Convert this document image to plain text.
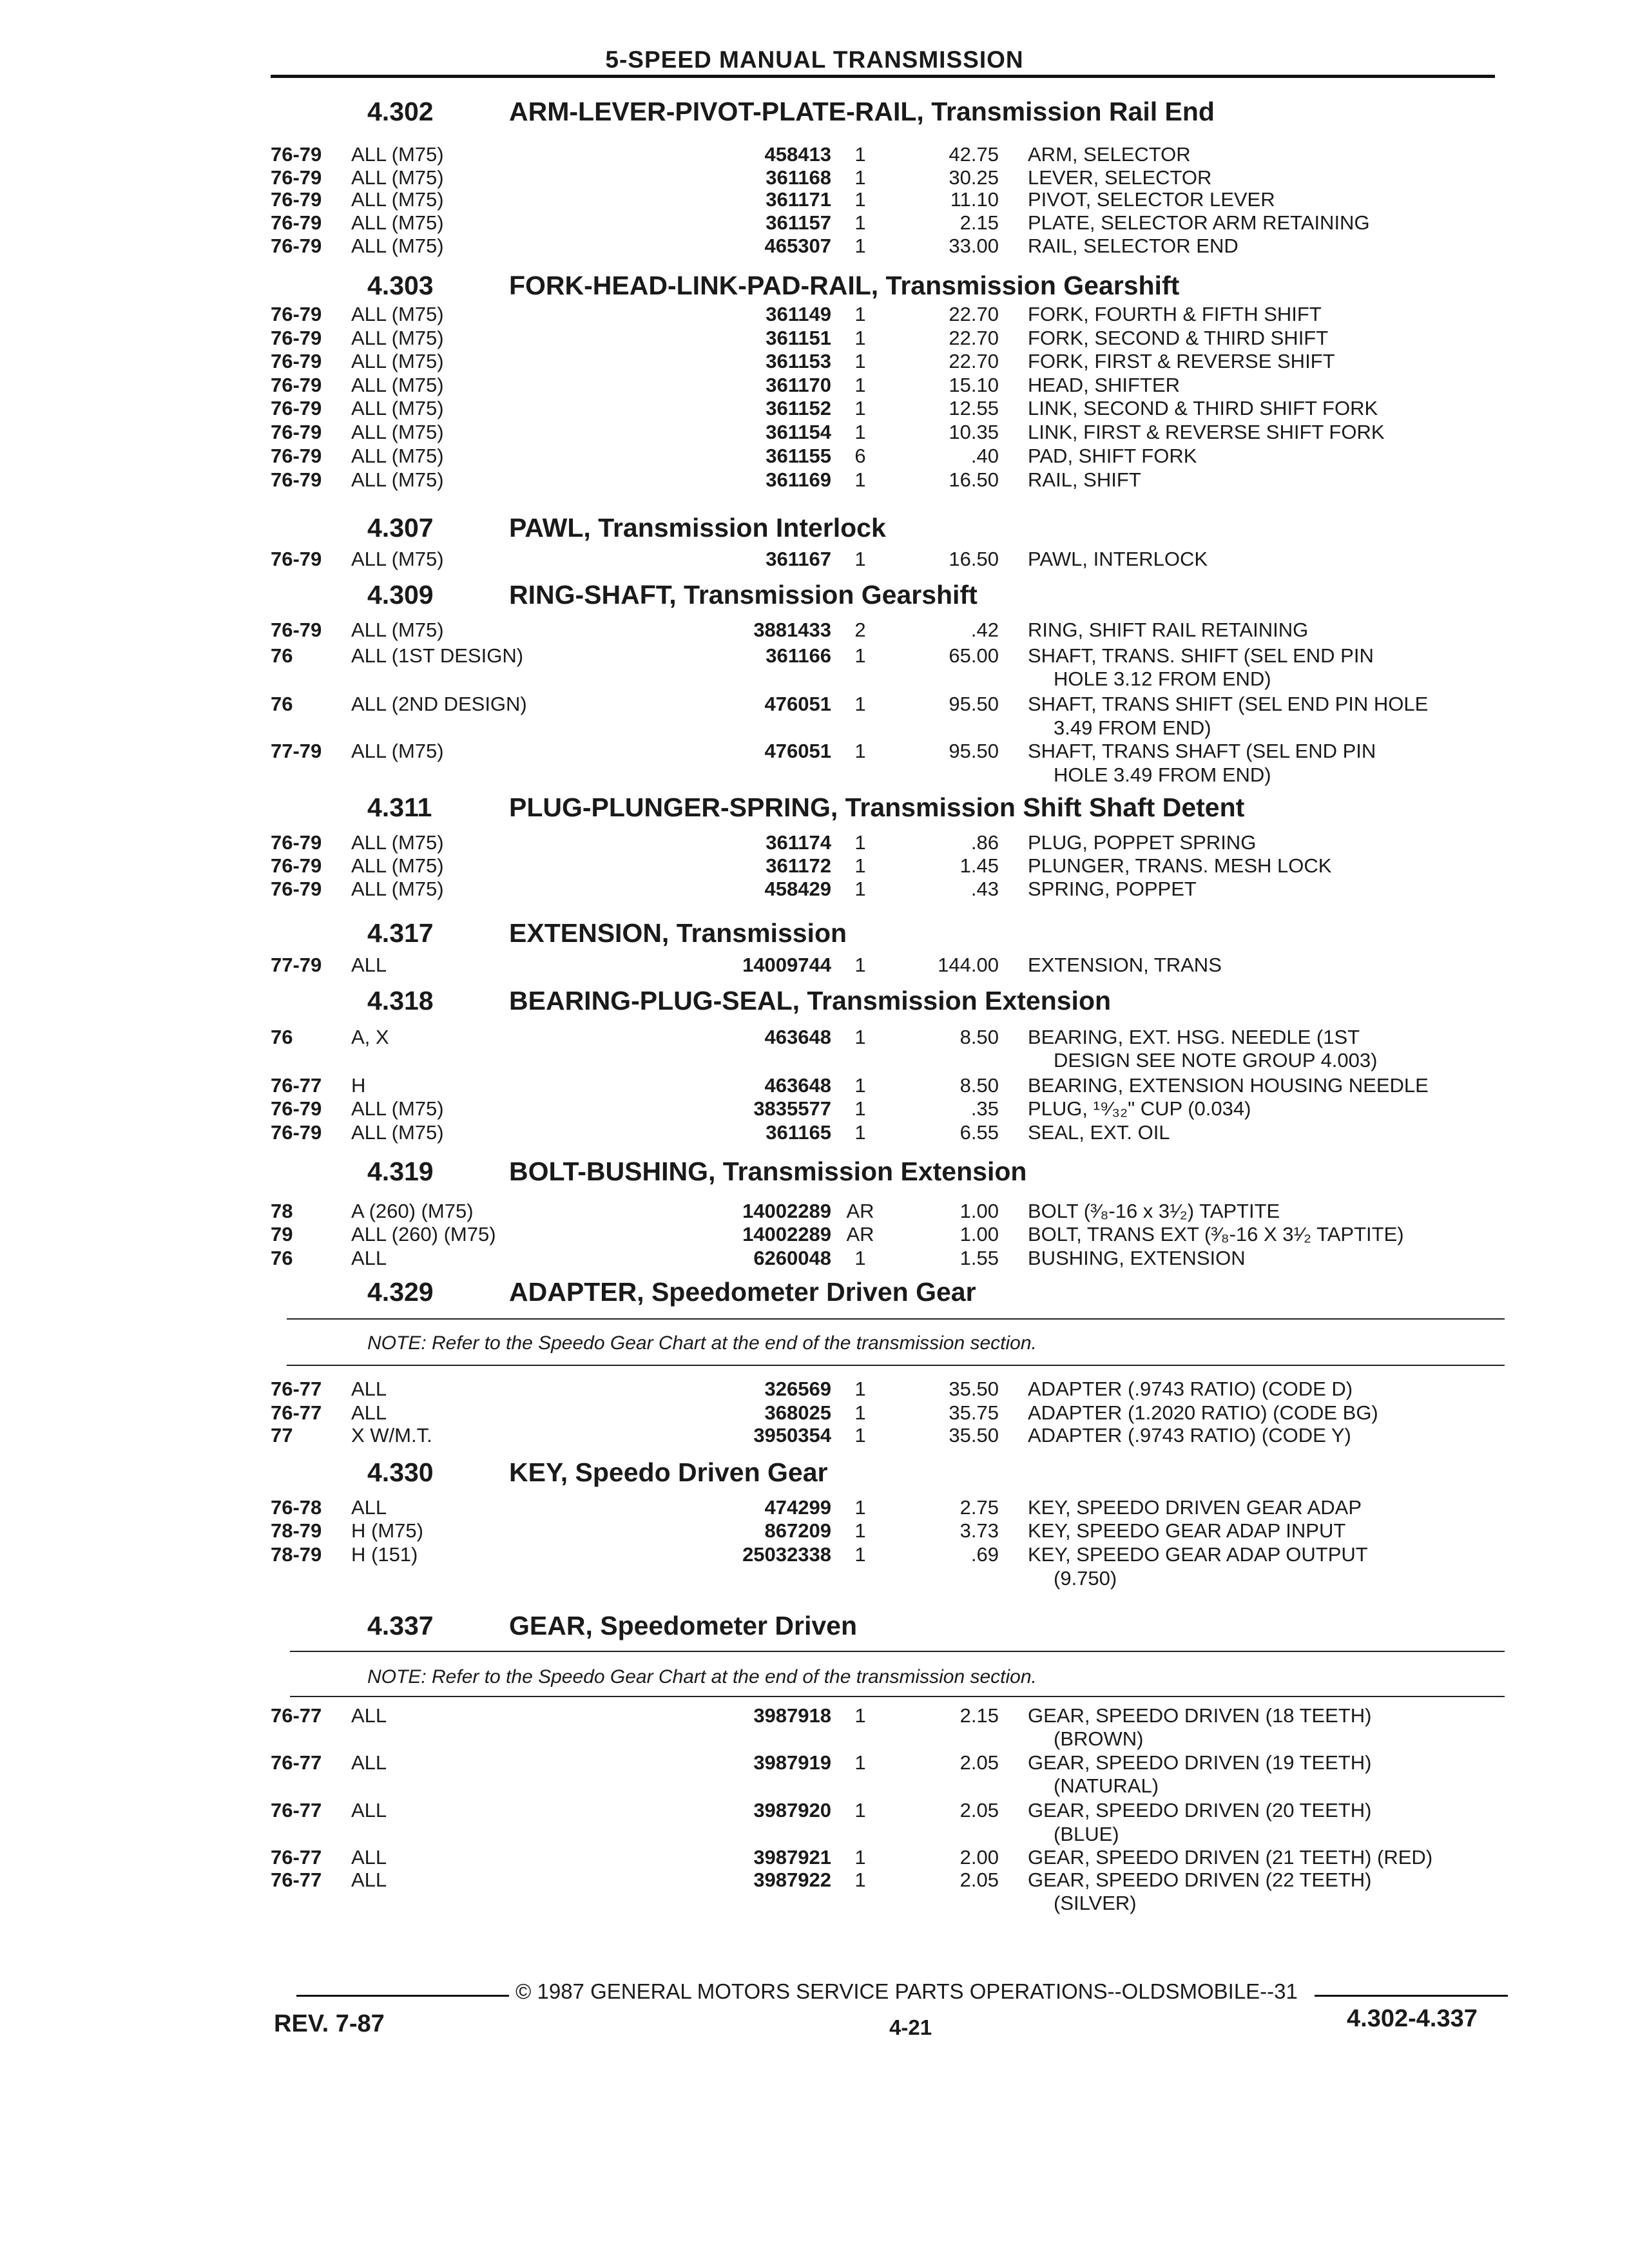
5-SPEED MANUAL TRANSMISSION
4.302	ARM-LEVER-PIVOT-PLATE-RAIL, Transmission Rail End
76-79 ALL (M75)	458413	1	42.75 ARM, SELECTOR
76-79 ALL (M75)	361168	1	30.25 LEVER, SELECTOR
76-79 ALL (M75)	361171	1	11.10 PIVOT, SELECTOR LEVER
76-79 ALL (M75)	361157	1	2.15 PLATE, SELECTOR ARM RETAINING
76-79 ALL (M75)	465307	1	33.00 RAIL, SELECTOR END
4.303	FORK-HEAD-LINK-PAD-RAIL, Transmission Gearshift
76-79 ALL (M75)	361149	1	22.70 FORK, FOURTH & FIFTH SHIFT
76-79 ALL (M75)	361151	1	22.70 FORK, SECOND & THIRD SHIFT
76-79 ALL (M75)	361153	1	22.70 FORK, FIRST & REVERSE SHIFT
76-79 ALL (M75)	361170	1	15.10 HEAD, SHIFTER
76-79 ALL (M75)	361152	1	12.55 LINK, SECOND & THIRD SHIFT FORK
76-79 ALL (M75)	361154	1	10.35 LINK, FIRST & REVERSE SHIFT FORK
76-79 ALL (M75)	361155	6	.40 PAD, SHIFT FORK
76-79 ALL (M75)	361169	1	16.50 RAIL, SHIFT
4.307	PAWL, Transmission Interlock
76-79 ALL (M75)	361167	1	16.50 PAWL, INTERLOCK
4.309	RING-SHAFT, Transmission Gearshift
76-79 ALL (M75)	3881433	2	.42 RING, SHIFT RAIL RETAINING
76	ALL (1ST DESIGN)	361166	1	65.00 SHAFT, TRANS. SHIFT (SEL END PIN
HOLE 3.12 FROM END)
76	ALL (2ND DESIGN)	476051	1	95.50 SHAFT, TRANS SHIFT (SEL END PIN HOLE
3.49 FROM END)
77-79 ALL (M75)	476051	1	95.50 SHAFT, TRANS SHAFT (SEL END PIN
HOLE 3.49 FROM END)
4.311	PLUG-PLUNGER-SPRING, Transmission Shift Shaft Detent
76-79 ALL (M75)	361174	1	.86 PLUG, POPPET SPRING
76-79 ALL (M75)	361172	1	1.45 PLUNGER, TRANS. MESH LOCK
76-79 ALL (M75)	458429	1	.43 SPRING, POPPET
4.317	EXTENSION, Transmission
77-79 ALL	14009744	1	144.00 EXTENSION, TRANS
4.318	BEARING-PLUG-SEAL, Transmission Extension
76	A, X	463648	1	8.50 BEARING, EXT. HSG. NEEDLE (1ST
DESIGN SEE NOTE GROUP 4.003)
76-77 H	463648	1	8.50 BEARING, EXTENSION HOUSING NEEDLE
76-79 ALL (M75)	3835577	1	.35 PLUG, ¹⁹⁄₃₂" CUP (0.034)
76-79 ALL (M75)	361165	1	6.55 SEAL, EXT. OIL
4.319	BOLT-BUSHING, Transmission Extension
78	A (260) (M75)	14002289 AR	1.00 BOLT (³⁄₈-16 x 3¹⁄₂) TAPTITE
79	ALL (260) (M75)	14002289 AR	1.00 BOLT, TRANS EXT (³⁄₈-16 X 3¹⁄₂ TAPTITE)
76	ALL	6260048	1	1.55 BUSHING, EXTENSION
4.329	ADAPTER, Speedometer Driven Gear
NOTE: Refer to the Speedo Gear Chart at the end of the transmission section.
76-77 ALL	326569	1	35.50 ADAPTER (.9743 RATIO) (CODE D)
76-77 ALL	368025	1	35.75 ADAPTER (1.2020 RATIO) (CODE BG)
77	X W/M.T.	3950354	1	35.50 ADAPTER (.9743 RATIO) (CODE Y)
4.330	KEY, Speedo Driven Gear
76-78 ALL	474299	1	2.75 KEY, SPEEDO DRIVEN GEAR ADAP
78-79 H (M75)	867209	1	3.73 KEY, SPEEDO GEAR ADAP INPUT
78-79 H (151)	25032338	1	.69 KEY, SPEEDO GEAR ADAP OUTPUT
(9.750)
4.337	GEAR, Speedometer Driven
NOTE: Refer to the Speedo Gear Chart at the end of the transmission section.
76-77 ALL	3987918	1	2.15 GEAR, SPEEDO DRIVEN (18 TEETH)
(BROWN)
76-77 ALL	3987919	1	2.05 GEAR, SPEEDO DRIVEN (19 TEETH)
(NATURAL)
76-77 ALL	3987920	1	2.05 GEAR, SPEEDO DRIVEN (20 TEETH)
(BLUE)
76-77 ALL	3987921	1	2.00 GEAR, SPEEDO DRIVEN (21 TEETH) (RED)
76-77 ALL	3987922	1	2.05 GEAR, SPEEDO DRIVEN (22 TEETH)
(SILVER)
© 1987 GENERAL MOTORS SERVICE PARTS OPERATIONS--OLDSMOBILE--31
REV. 7-87	4-21	4.302-4.337
